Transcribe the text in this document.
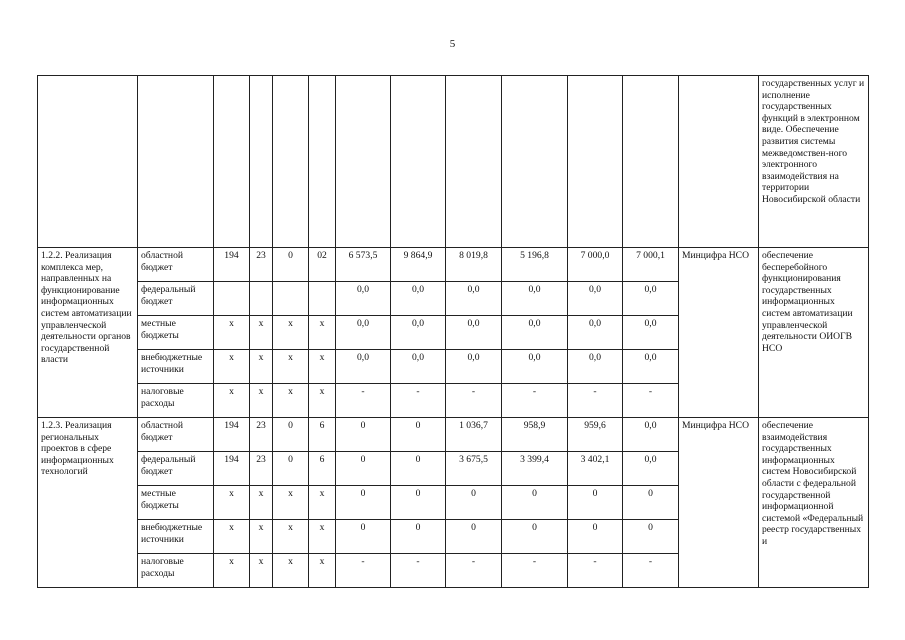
5
													государственных услуг и исполнение государственных функций в электронном виде. Обеспечение развития системы межведомствен-ного электронного взаимодействия на территории Новосибирской области
1.2.2. Реализация комплекса мер, направленных на функционирование информационных систем автоматизации управленческой деятельности органов государственной власти	областной бюджет	194	23	0	02	6 573,5	9 864,9	8 019,8	5 196,8	7 000,0	7 000,1	Минцифра НСО	обеспечение бесперебойного функционирования государственных информационных систем автоматизации управленческой деятельности ОИОГВ НСО
	федеральный бюджет					0,0	0,0	0,0	0,0	0,0	0,0		
	местные бюджеты	x	x	x	x	0,0	0,0	0,0	0,0	0,0	0,0		
	внебюджетные источники	x	x	x	x	0,0	0,0	0,0	0,0	0,0	0,0		
	налоговые расходы	x	x	x	x	-	-	-	-	-	-		
1.2.3. Реализация региональных проектов в сфере информационных технологий	областной бюджет	194	23	0	6	0	0	1 036,7	958,9	959,6	0,0	Минцифра НСО	обеспечение взаимодействия государственных информационных систем Новосибирской области с федеральной государственной информационной системой «Федеральный реестр государственных и
	федеральный бюджет	194	23	0	6	0	0	3 675,5	3 399,4	3 402,1	0,0		
	местные бюджеты	x	x	x	x	0	0	0	0	0	0		
	внебюджетные источники	x	x	x	x	0	0	0	0	0	0		
	налоговые расходы	x	x	x	x	-	-	-	-	-	-		
